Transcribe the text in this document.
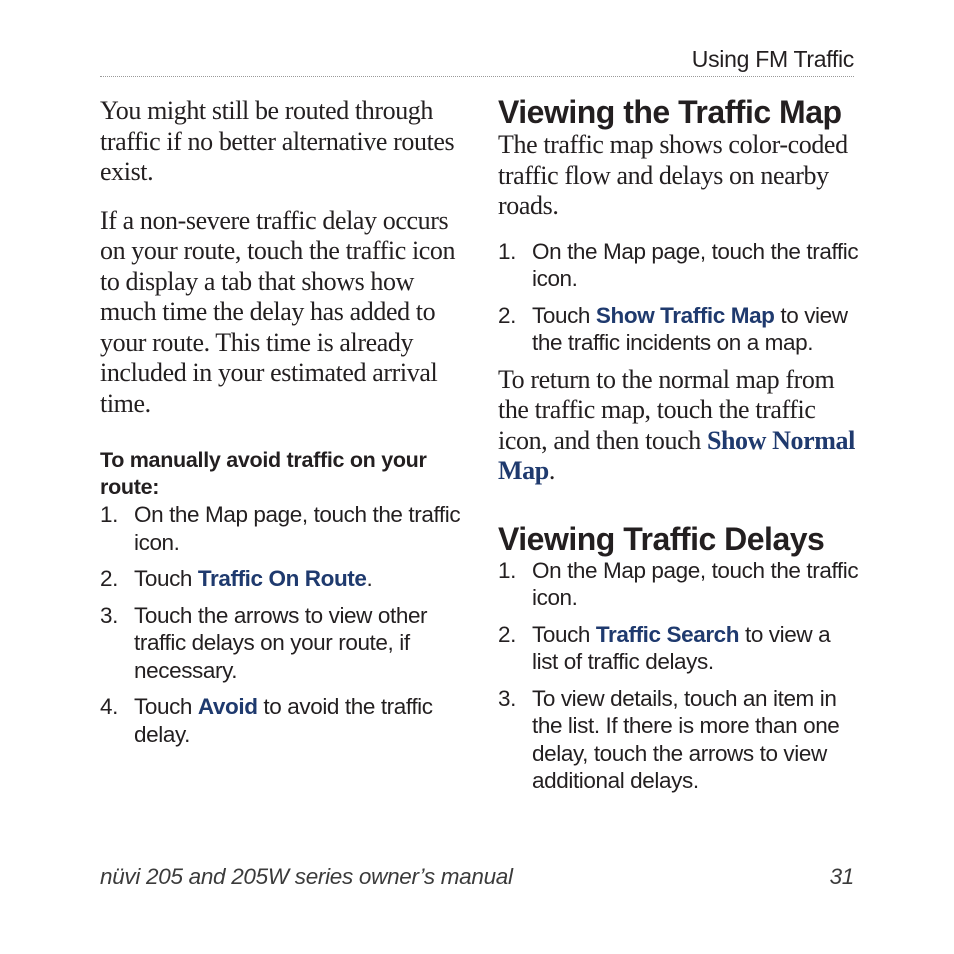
Using FM Traffic

You might still be routed through traffic if no better alternative routes exist.

If a non-severe traffic delay occurs on your route, touch the traffic icon to display a tab that shows how much time the delay has added to your route. This time is already included in your estimated arrival time.

To manually avoid traffic on your route:

1. On the Map page, touch the traffic icon.
2. Touch Traffic On Route.
3. Touch the arrows to view other traffic delays on your route, if necessary.
4. Touch Avoid to avoid the traffic delay.
Viewing the Traffic Map

The traffic map shows color-coded traffic flow and delays on nearby roads.

1. On the Map page, touch the traffic icon.
2. Touch Show Traffic Map to view the traffic incidents on a map.

To return to the normal map from the traffic map, touch the traffic icon, and then touch Show Normal Map.

Viewing Traffic Delays
1. On the Map page, touch the traffic icon.
2. Touch Traffic Search to view a list of traffic delays.
3. To view details, touch an item in the list. If there is more than one delay, touch the arrows to view additional delays.
nüvi 205 and 205W series owner’s manual	31
